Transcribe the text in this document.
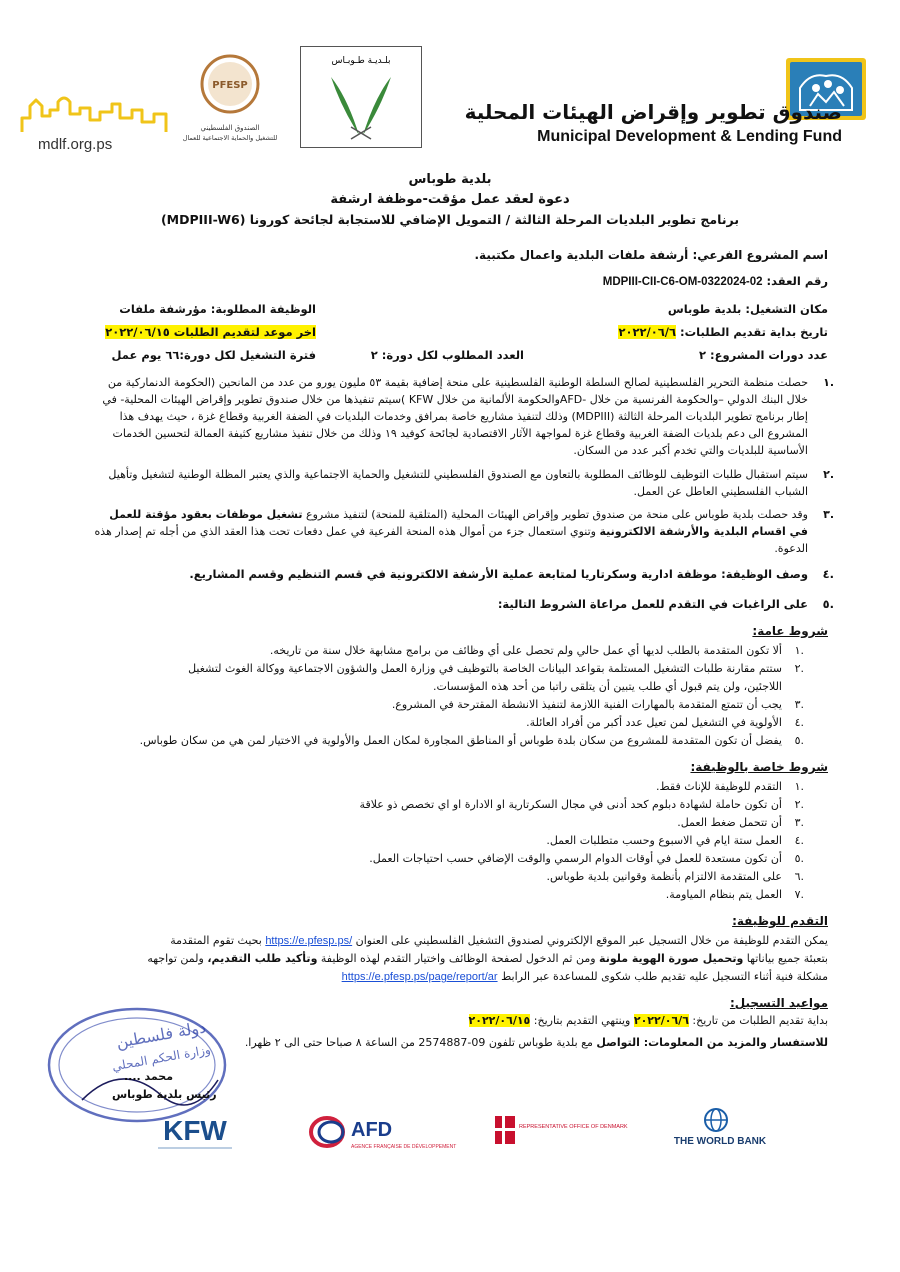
صندوق تطوير وإقراض الهيئات المحلية
Municipal Development & Lending Fund
بلـديـة طـوبـاس
PFESP
الصندوق الفلسطيني
للتشغيل والحماية الاجتماعية للعمال
mdlf.org.ps
بلدية طوباس
دعوة لعقد عمل مؤقت-موظفة ارشفة
برنامج تطوير البلديات المرحلة الثالثة / التمويل الإضافي للاستجابة لجائحة كورونا (MDPIII-W6)
اسم المشروع الفرعي: أرشفة ملفات البلدية واعمال مكتبية.
رقم العقد: MDPIII-CII-C6-OM-0322024-02
مكان التشغيل: بلدية طوباس
الوظيفة المطلوبة: مؤرشفة ملفات
تاريخ بداية تقديم الطلبات: ٢٠٢٢/٠٦/٦
اخر موعد لتقديم الطلبات ٢٠٢٢/٠٦/١٥
عدد دورات المشروع: ٢
العدد المطلوب لكل دورة: ٢
فترة التشغيل لكل دورة:٦٦ يوم عمل
.١
حصلت منظمة التحرير الفلسطينية لصالح السلطة الوطنية الفلسطينية على منحة إضافية بقيمة ٥٣ مليون يورو من عدد من المانحين (الحكومة الدنماركية من خلال البنك الدولي –والحكومة الفرنسية من خلال -AFDوالحكومة الألمانية من خلال KFW )سيتم تنفيذها من خلال صندوق تطوير وإقراض الهيئات المحلية- في إطار برنامج تطوير البلديات المرحلة الثالثة (MDPIII) وذلك لتنفيذ مشاريع خاصة بمرافق وخدمات البلديات في الضفة الغربية وقطاع غزة ، حيث يهدف هذا المشروع الى دعم بلديات الضفة الغربية وقطاع غزة لمواجهة الآثار الاقتصادية لجائحة كوفيد ١٩ وذلك من خلال تنفيذ مشاريع كثيفة العمالة لتحسين الخدمات الأساسية للبلديات والتي تخدم أكبر عدد من السكان.
.٢
سيتم استقبال طلبات التوظيف للوظائف المطلوبة بالتعاون مع الصندوق الفلسطيني للتشغيل والحماية الاجتماعية والذي يعتبر المظلة الوطنية لتشغيل وتأهيل الشباب الفلسطيني العاطل عن العمل.
.٣
وقد حصلت بلدية طوباس على منحة من صندوق تطوير وإقراض الهيئات المحلية (المتلقية للمنحة) لتنفيذ مشروع تشغيل موظفات بعقود مؤقتة للعمل في اقسام البلدية والأرشفة الالكترونية وتنوي استعمال جزء من أموال هذه المنحة الفرعية في عمل دفعات تحت هذا العقد الذي من أجله تم إصدار هذه الدعوة.
.٤
وصف الوظيفة: موظفة ادارية وسكرتاريا لمتابعة عملية الأرشفة الالكترونية في قسم التنظيم وقسم المشاريع.
.٥
على الراغبات في التقدم للعمل مراعاة الشروط التالية:
شروط عامة:
.١ألا تكون المتقدمة بالطلب لديها أي عمل حالي ولم تحصل على أي وظائف من برامج مشابهة خلال سنة من تاريخه.
.٢ستتم مقارنة طلبات التشغيل المستلمة بقواعد البيانات الخاصة بالتوظيف في وزارة العمل والشؤون الاجتماعية ووكالة الغوث لتشغيل
اللاجئين، ولن يتم قبول أي طلب يتبين أن يتلقى راتبا من أحد هذه المؤسسات.
.٣يجب أن تتمتع المتقدمة بالمهارات الفنية اللازمة لتنفيذ الانشطة المقترحة في المشروع.
.٤الأولوية في التشغيل لمن تعيل عدد أكبر من أفراد العائلة.
.٥يفضل أن تكون المتقدمة للمشروع من سكان بلدة طوباس أو المناطق المجاورة لمكان العمل والأولوية في الاختيار لمن هي من سكان طوباس.
شروط خاصة بالوظيفة:
.١التقدم للوظيفة للإناث فقط.
.٢أن تكون حاملة لشهادة دبلوم كحد أدنى في مجال السكرتارية او الادارة او اي تخصص ذو علاقة
.٣أن تتحمل ضغط العمل.
.٤العمل ستة ايام في الاسبوع وحسب متطلبات العمل.
.٥أن تكون مستعدة للعمل في أوقات الدوام الرسمي والوقت الإضافي حسب احتياجات العمل.
.٦على المتقدمة الالتزام بأنظمة وقوانين بلدية طوباس.
.٧العمل يتم بنظام المياومة.
التقدم للوظيفة:
يمكن التقدم للوظيفة من خلال التسجيل عبر الموقع الإلكتروني لصندوق التشغيل الفلسطيني على العنوان https://e.pfesp.ps/ بحيث تقوم المتقدمة
بتعبئة جميع بياناتها وتحميل صورة الهوية ملونة ومن ثم الدخول لصفحة الوظائف واختيار التقدم لهذه الوظيفة وتأكيد طلب التقديم، ولمن تواجهه
مشكلة فنية أثناء التسجيل عليه تقديم طلب شكوى للمساعدة عبر الرابط https://e.pfesp.ps/page/report/ar
مواعيد التسجيل:
بداية تقديم الطلبات من تاريخ: ٢٠٢٢/٠٦/٦ وينتهي التقديم بتاريخ: ٢٠٢٢/٠٦/١٥
للاستفسار والمزيد من المعلومات: التواصل مع بلدية طوباس تلفون 09-2574887 من الساعة ٨ صباحا حتى الى ٢ ظهرا.
دولة فلسطين
وزارة الحكم المحلي
محمد ....
رئيس بلدية طوباس
KFW	AFD
AGENCE FRANÇAISE DE DÉVELOPPEMENT
REPRESENTATIVE OFFICE OF DENMARK
THE WORLD BANK
